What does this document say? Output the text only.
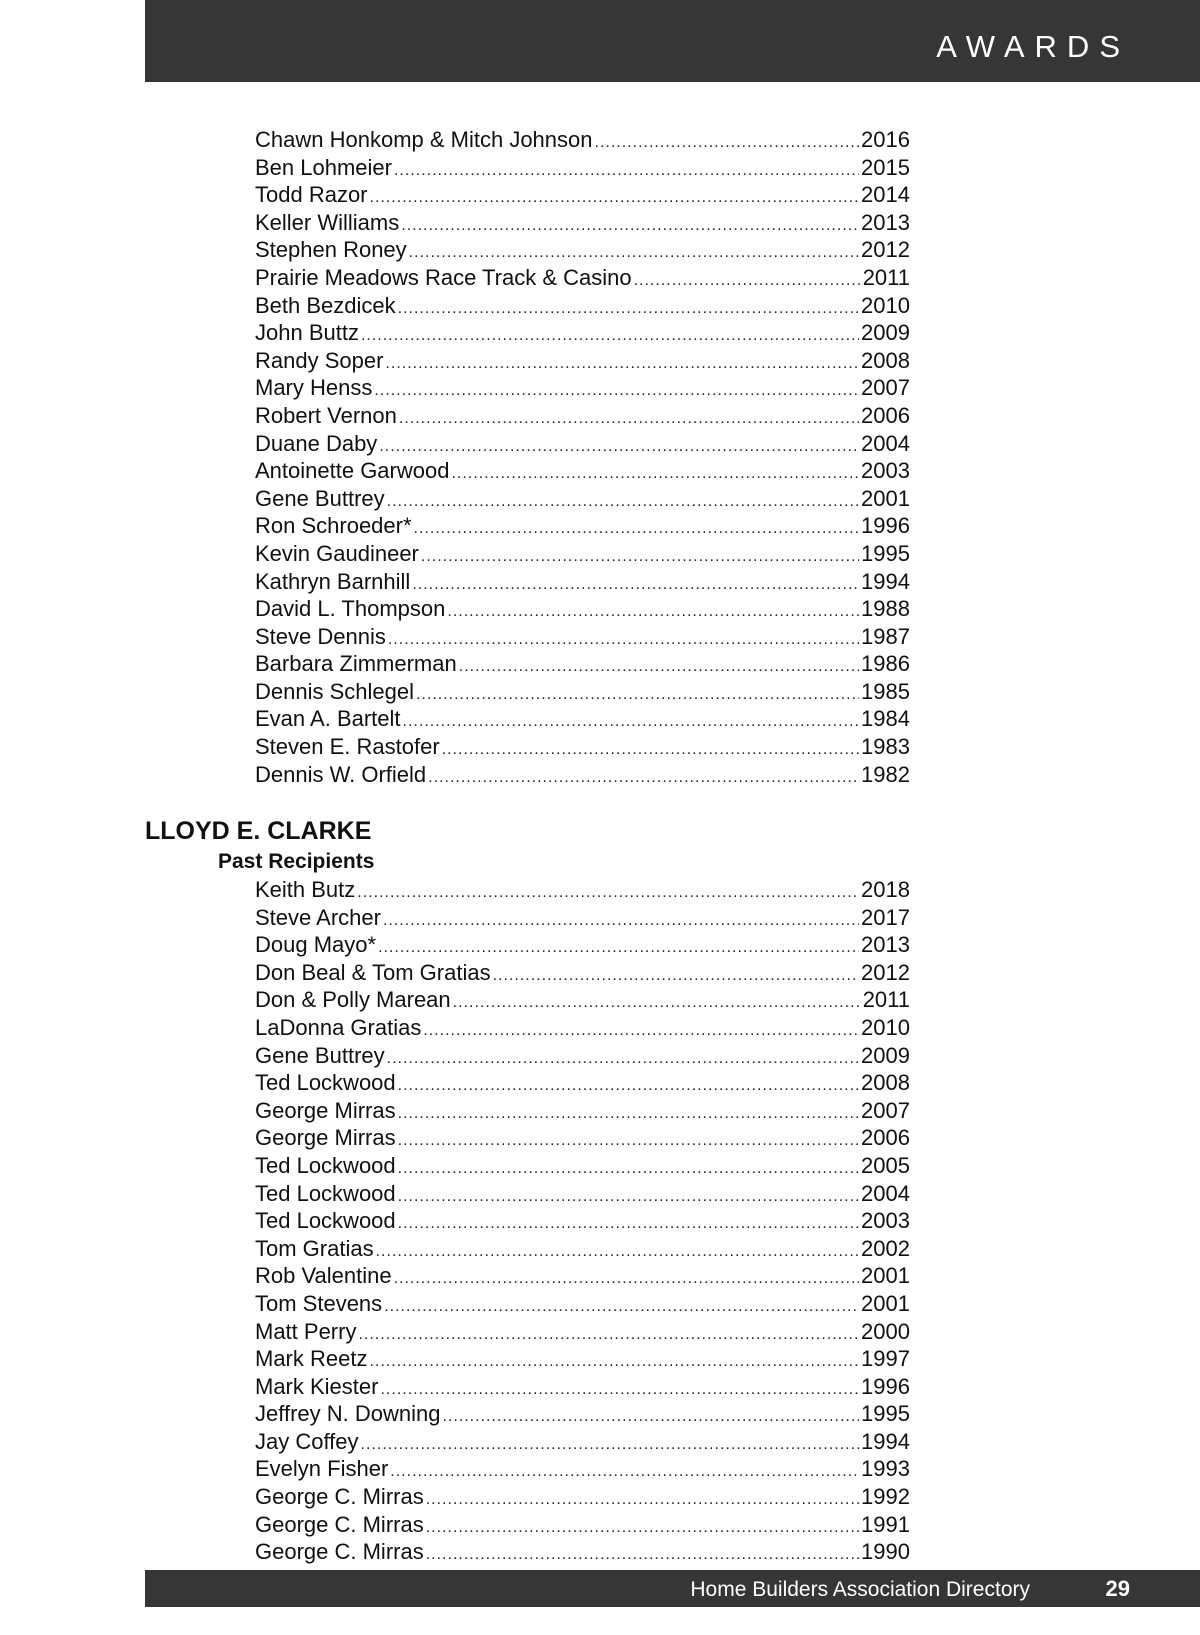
AWARDS
Chawn Honkomp & Mitch Johnson .....	2016
Ben Lohmeier .....	2015
Todd Razor .....	2014
Keller Williams .....	2013
Stephen Roney .....	2012
Prairie Meadows Race Track & Casino .....	2011
Beth Bezdicek .....	2010
John Buttz .....	2009
Randy Soper .....	2008
Mary Henss .....	2007
Robert Vernon .....	2006
Duane Daby .....	2004
Antoinette Garwood .....	2003
Gene Buttrey .....	2001
Ron Schroeder* .....	1996
Kevin Gaudineer .....	1995
Kathryn Barnhill .....	1994
David L. Thompson .....	1988
Steve Dennis .....	1987
Barbara Zimmerman .....	1986
Dennis Schlegel .....	1985
Evan A. Bartelt .....	1984
Steven E. Rastofer .....	1983
Dennis W. Orfield .....	1982
LLOYD E. CLARKE
Past Recipients
Keith Butz .....	2018
Steve Archer .....	2017
Doug Mayo* .....	2013
Don Beal & Tom Gratias .....	2012
Don & Polly Marean .....	2011
LaDonna Gratias .....	2010
Gene Buttrey .....	2009
Ted Lockwood .....	2008
George Mirras .....	2007
George Mirras .....	2006
Ted Lockwood .....	2005
Ted Lockwood .....	2004
Ted Lockwood .....	2003
Tom Gratias .....	2002
Rob Valentine .....	2001
Tom Stevens .....	2001
Matt Perry .....	2000
Mark Reetz .....	1997
Mark Kiester .....	1996
Jeffrey N. Downing .....	1995
Jay Coffey .....	1994
Evelyn Fisher .....	1993
George C. Mirras .....	1992
George C. Mirras .....	1991
George C. Mirras .....	1990
Home Builders Association Directory	29
